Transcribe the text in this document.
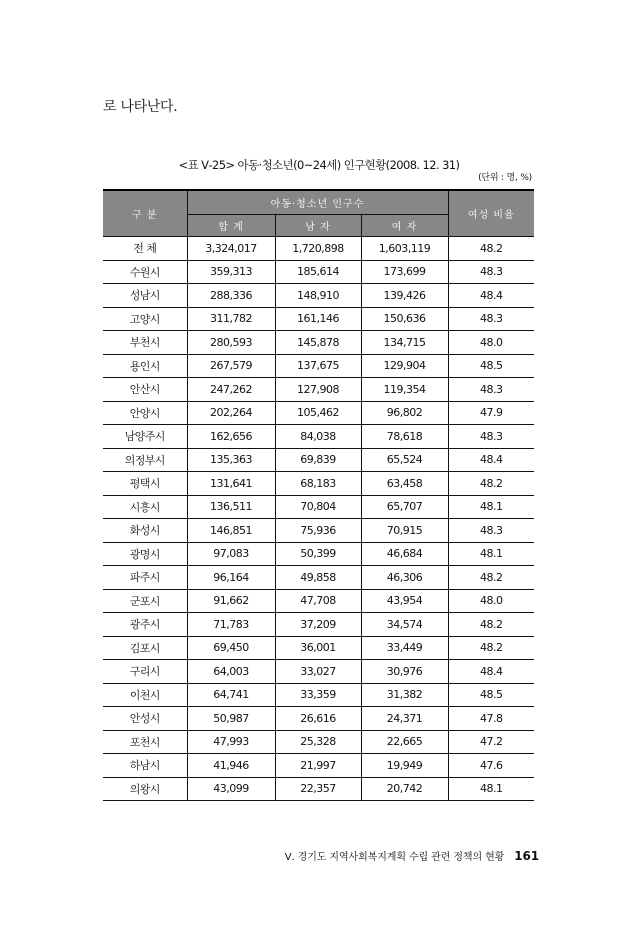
로 나타난다.
<표 Ⅴ-25> 아동·청소년(0~24세) 인구현황(2008. 12. 31)
(단위 : 명, %)
구 분	아동·청소년 인구수			여성 비율
	합 계	남 자	여 자	
전 체	3,324,017	1,720,898	1,603,119	48.2
수원시	359,313	185,614	173,699	48.3
성남시	288,336	148,910	139,426	48.4
고양시	311,782	161,146	150,636	48.3
부천시	280,593	145,878	134,715	48.0
용인시	267,579	137,675	129,904	48.5
안산시	247,262	127,908	119,354	48.3
안양시	202,264	105,462	96,802	47.9
남양주시	162,656	84,038	78,618	48.3
의정부시	135,363	69,839	65,524	48.4
평택시	131,641	68,183	63,458	48.2
시흥시	136,511	70,804	65,707	48.1
화성시	146,851	75,936	70,915	48.3
광명시	97,083	50,399	46,684	48.1
파주시	96,164	49,858	46,306	48.2
군포시	91,662	47,708	43,954	48.0
광주시	71,783	37,209	34,574	48.2
김포시	69,450	36,001	33,449	48.2
구리시	64,003	33,027	30,976	48.4
이천시	64,741	33,359	31,382	48.5
안성시	50,987	26,616	24,371	47.8
포천시	47,993	25,328	22,665	47.2
하남시	41,946	21,997	19,949	47.6
의왕시	43,099	22,357	20,742	48.1
Ⅴ. 경기도 지역사회복지계획 수립 관련 정책의 현황 161
